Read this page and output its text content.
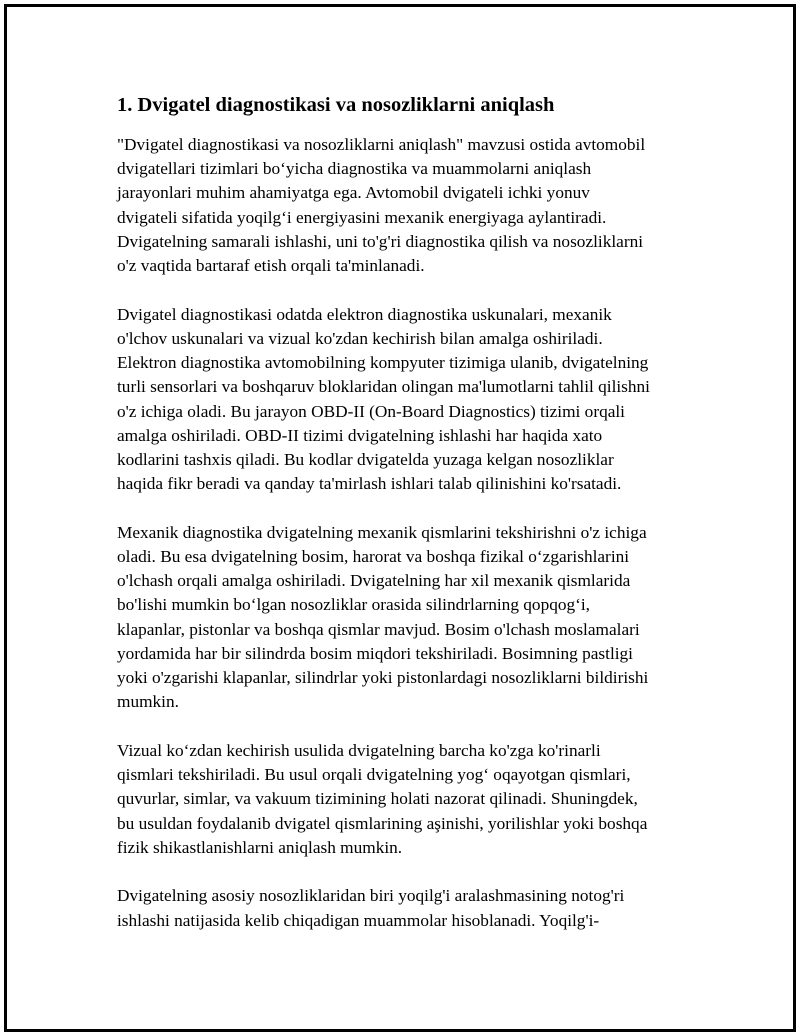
1. Dvigatel diagnostikasi va nosozliklarni aniqlash
"Dvigatel diagnostikasi va nosozliklarni aniqlash" mavzusi ostida avtomobil
dvigatellari tizimlari bo‘yicha diagnostika va muammolarni aniqlash
jarayonlari muhim ahamiyatga ega. Avtomobil dvigateli ichki yonuv
dvigateli sifatida yoqilg‘i energiyasini mexanik energiyaga aylantiradi.
Dvigatelning samarali ishlashi, uni to'g'ri diagnostika qilish va nosozliklarni
o'z vaqtida bartaraf etish orqali ta'minlanadi.
Dvigatel diagnostikasi odatda elektron diagnostika uskunalari, mexanik
o'lchov uskunalari va vizual ko'zdan kechirish bilan amalga oshiriladi.
Elektron diagnostika avtomobilning kompyuter tizimiga ulanib, dvigatelning
turli sensorlari va boshqaruv bloklaridan olingan ma'lumotlarni tahlil qilishni
o'z ichiga oladi. Bu jarayon OBD-II (On-Board Diagnostics) tizimi orqali
amalga oshiriladi. OBD-II tizimi dvigatelning ishlashi har haqida xato
kodlarini tashxis qiladi. Bu kodlar dvigatelda yuzaga kelgan nosozliklar
haqida fikr beradi va qanday ta'mirlash ishlari talab qilinishini ko'rsatadi.
Mexanik diagnostika dvigatelning mexanik qismlarini tekshirishni o'z ichiga
oladi. Bu esa dvigatelning bosim, harorat va boshqa fizikal o‘zgarishlarini
o'lchash orqali amalga oshiriladi. Dvigatelning har xil mexanik qismlarida
bo'lishi mumkin bo‘lgan nosozliklar orasida silindrlarning qopqog‘i,
klapanlar, pistonlar va boshqa qismlar mavjud. Bosim o'lchash moslamalari
yordamida har bir silindrda bosim miqdori tekshiriladi. Bosimning pastligi
yoki o'zgarishi klapanlar, silindrlar yoki pistonlardagi nosozliklarni bildirishi
mumkin.
Vizual ko‘zdan kechirish usulida dvigatelning barcha ko'zga ko'rinarli
qismlari tekshiriladi. Bu usul orqali dvigatelning yog‘ oqayotgan qismlari,
quvurlar, simlar, va vakuum tizimining holati nazorat qilinadi. Shuningdek,
bu usuldan foydalanib dvigatel qismlarining aşinishi, yorilishlar yoki boshqa
fizik shikastlanishlarni aniqlash mumkin.
Dvigatelning asosiy nosozliklaridan biri yoqilg'i aralashmasining notog'ri
ishlashi natijasida kelib chiqadigan muammolar hisoblanadi. Yoqilg'i-
